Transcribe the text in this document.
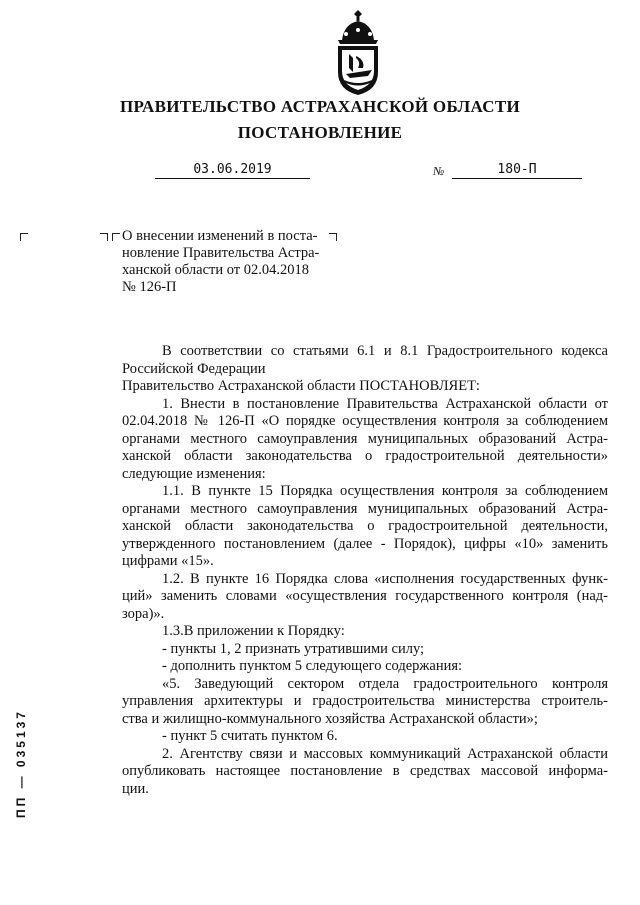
ПРАВИТЕЛЬСТВО АСТРАХАНСКОЙ ОБЛАСТИ
ПОСТАНОВЛЕНИЕ
03.06.2019	№	180-П
О внесении изменений в поста-
новление Правительства Астра-
ханской области от 02.04.2018
№ 126-П
В соответствии со статьями 6.1 и 8.1 Градостроительного кодекса
Российской Федерации
Правительство Астраханской области ПОСТАНОВЛЯЕТ:
1. Внести в постановление Правительства Астраханской области от
02.04.2018 № 126-П «О порядке осуществления контроля за соблюдением
органами местного самоуправления муниципальных образований Астра-
ханской области законодательства о градостроительной деятельности»
следующие изменения:
1.1. В пункте 15 Порядка осуществления контроля за соблюдением
органами местного самоуправления муниципальных образований Астра-
ханской области законодательства о градостроительной деятельности,
утвержденного постановлением (далее - Порядок), цифры «10» заменить
цифрами «15».
1.2. В пункте 16 Порядка слова «исполнения государственных функ-
ций» заменить словами «осуществления государственного контроля (над-
зора)».
1.3.В приложении к Порядку:
- пункты 1, 2 признать утратившими силу;
- дополнить пунктом 5 следующего содержания:
«5. Заведующий сектором отдела градостроительного контроля
управления архитектуры и градостроительства министерства строитель-
ства и жилищно-коммунального хозяйства Астраханской области»;
- пункт 5 считать пунктом 6.
2. Агентству связи и массовых коммуникаций Астраханской области
опубликовать настоящее постановление в средствах массовой информа-
ции.
ПП — 035137
